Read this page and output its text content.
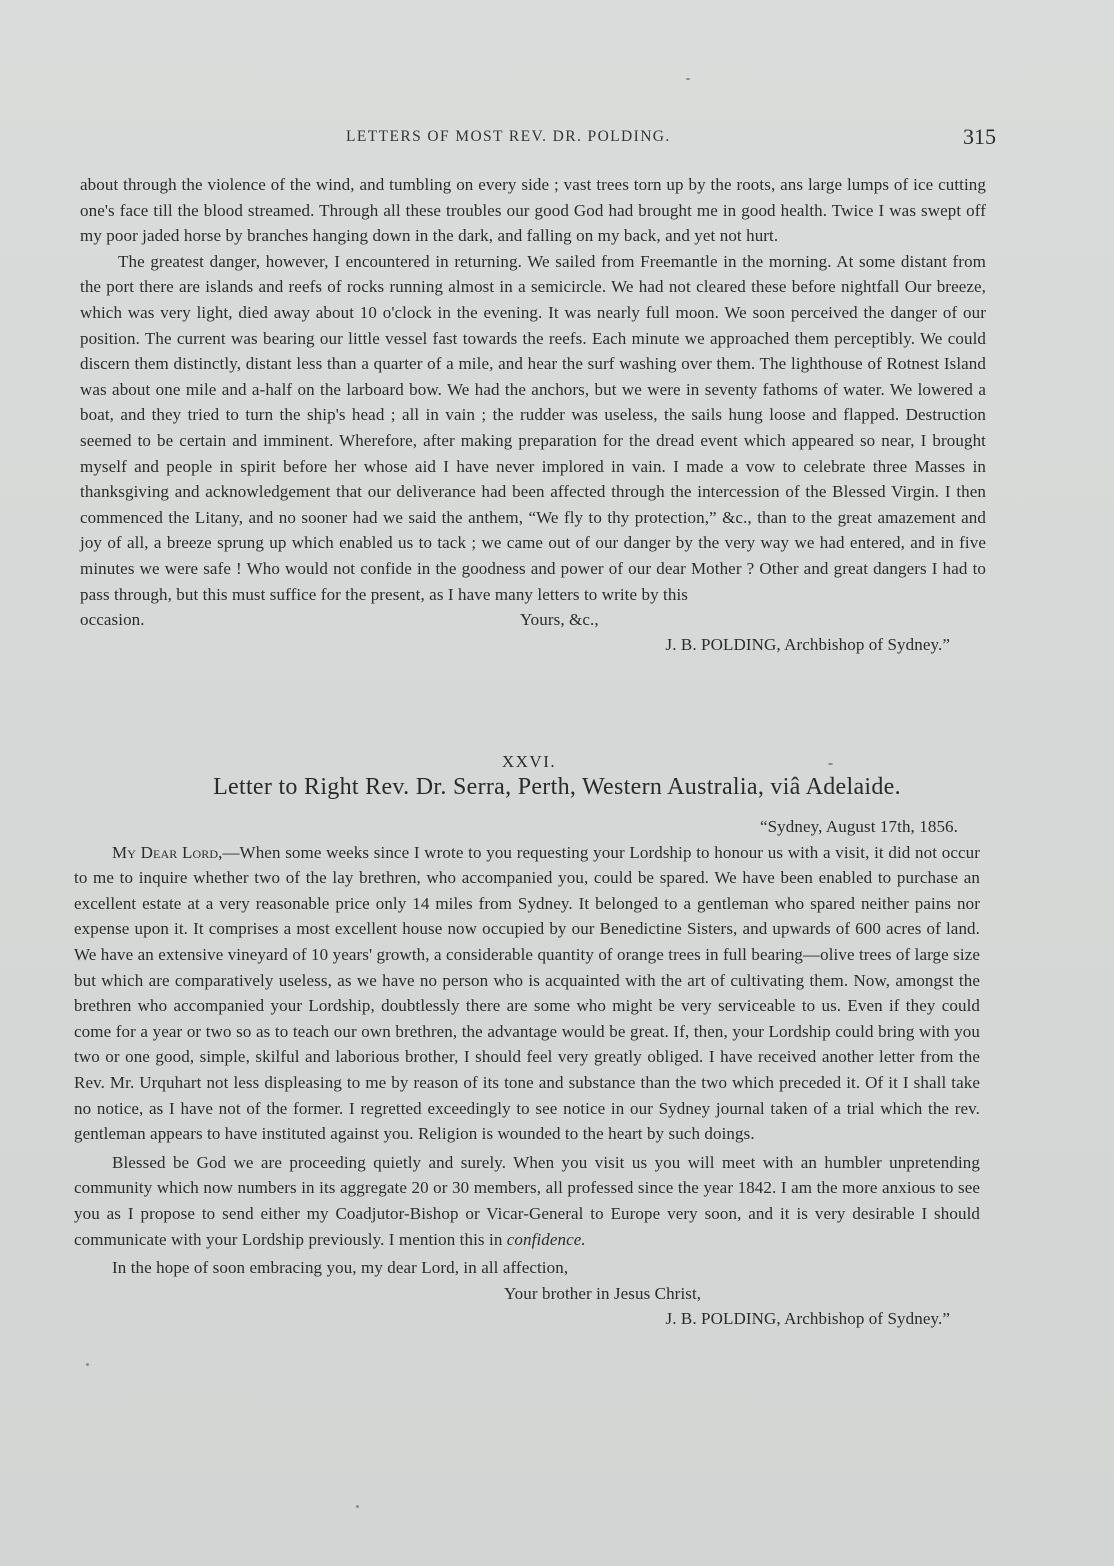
LETTERS OF MOST REV. DR. POLDING.	315

about through the violence of the wind, and tumbling on every side ; vast trees torn up by the roots, ans large lumps of ice cutting one's face till the blood streamed. Through all these troubles our good God had brought me in good health. Twice I was swept off my poor jaded horse by branches hanging down in the dark, and falling on my back, and yet not hurt.

The greatest danger, however, I encountered in returning. We sailed from Freemantle in the morning. At some distant from the port there are islands and reefs of rocks running almost in a semicircle. We had not cleared these before nightfall Our breeze, which was very light, died away about 10 o'clock in the evening. It was nearly full moon. We soon perceived the danger of our position. The current was bearing our little vessel fast towards the reefs. Each minute we approached them perceptibly. We could discern them distinctly, distant less than a quarter of a mile, and hear the surf washing over them. The lighthouse of Rotnest Island was about one mile and a-half on the larboard bow. We had the anchors, but we were in seventy fathoms of water. We lowered a boat, and they tried to turn the ship's head ; all in vain ; the rudder was useless, the sails hung loose and flapped. Destruction seemed to be certain and imminent. Wherefore, after making preparation for the dread event which appeared so near, I brought myself and people in spirit before her whose aid I have never implored in vain. I made a vow to celebrate three Masses in thanksgiving and acknowledgement that our deliverance had been affected through the intercession of the Blessed Virgin. I then commenced the Litany, and no sooner had we said the anthem, “We fly to thy protection,” &c., than to the great amazement and joy of all, a breeze sprung up which enabled us to tack ; we came out of our danger by the very way we had entered, and in five minutes we were safe ! Who would not confide in the goodness and power of our dear Mother ? Other and great dangers I had to pass through, but this must suffice for the present, as I have many letters to write by this

occasion.	Yours, &c.,

J. B. POLDING, Archbishop of Sydney.”

XXVI.
Letter to Right Rev. Dr. Serra, Perth, Western Australia, viâ Adelaide.

“Sydney, August 17th, 1856.

My Dear Lord,—When some weeks since I wrote to you requesting your Lordship to honour us with a visit, it did not occur to me to inquire whether two of the lay brethren, who accompanied you, could be spared. We have been enabled to purchase an excellent estate at a very reasonable price only 14 miles from Sydney. It belonged to a gentleman who spared neither pains nor expense upon it. It comprises a most excellent house now occupied by our Benedictine Sisters, and upwards of 600 acres of land. We have an extensive vineyard of 10 years' growth, a considerable quantity of orange trees in full bearing—olive trees of large size but which are comparatively useless, as we have no person who is acquainted with the art of cultivating them. Now, amongst the brethren who accompanied your Lordship, doubtlessly there are some who might be very serviceable to us. Even if they could come for a year or two so as to teach our own brethren, the advantage would be great. If, then, your Lordship could bring with you two or one good, simple, skilful and laborious brother, I should feel very greatly obliged. I have received another letter from the Rev. Mr. Urquhart not less displeasing to me by reason of its tone and substance than the two which preceded it. Of it I shall take no notice, as I have not of the former. I regretted exceedingly to see notice in our Sydney journal taken of a trial which the rev. gentleman appears to have instituted against you. Religion is wounded to the heart by such doings.

Blessed be God we are proceeding quietly and surely. When you visit us you will meet with an humbler unpretending community which now numbers in its aggregate 20 or 30 members, all professed since the year 1842. I am the more anxious to see you as I propose to send either my Coadjutor-Bishop or Vicar-General to Europe very soon, and it is very desirable I should communicate with your Lordship previously. I mention this in confidence.

In the hope of soon embracing you, my dear Lord, in all affection,

Your brother in Jesus Christ,

J. B. POLDING, Archbishop of Sydney.”
